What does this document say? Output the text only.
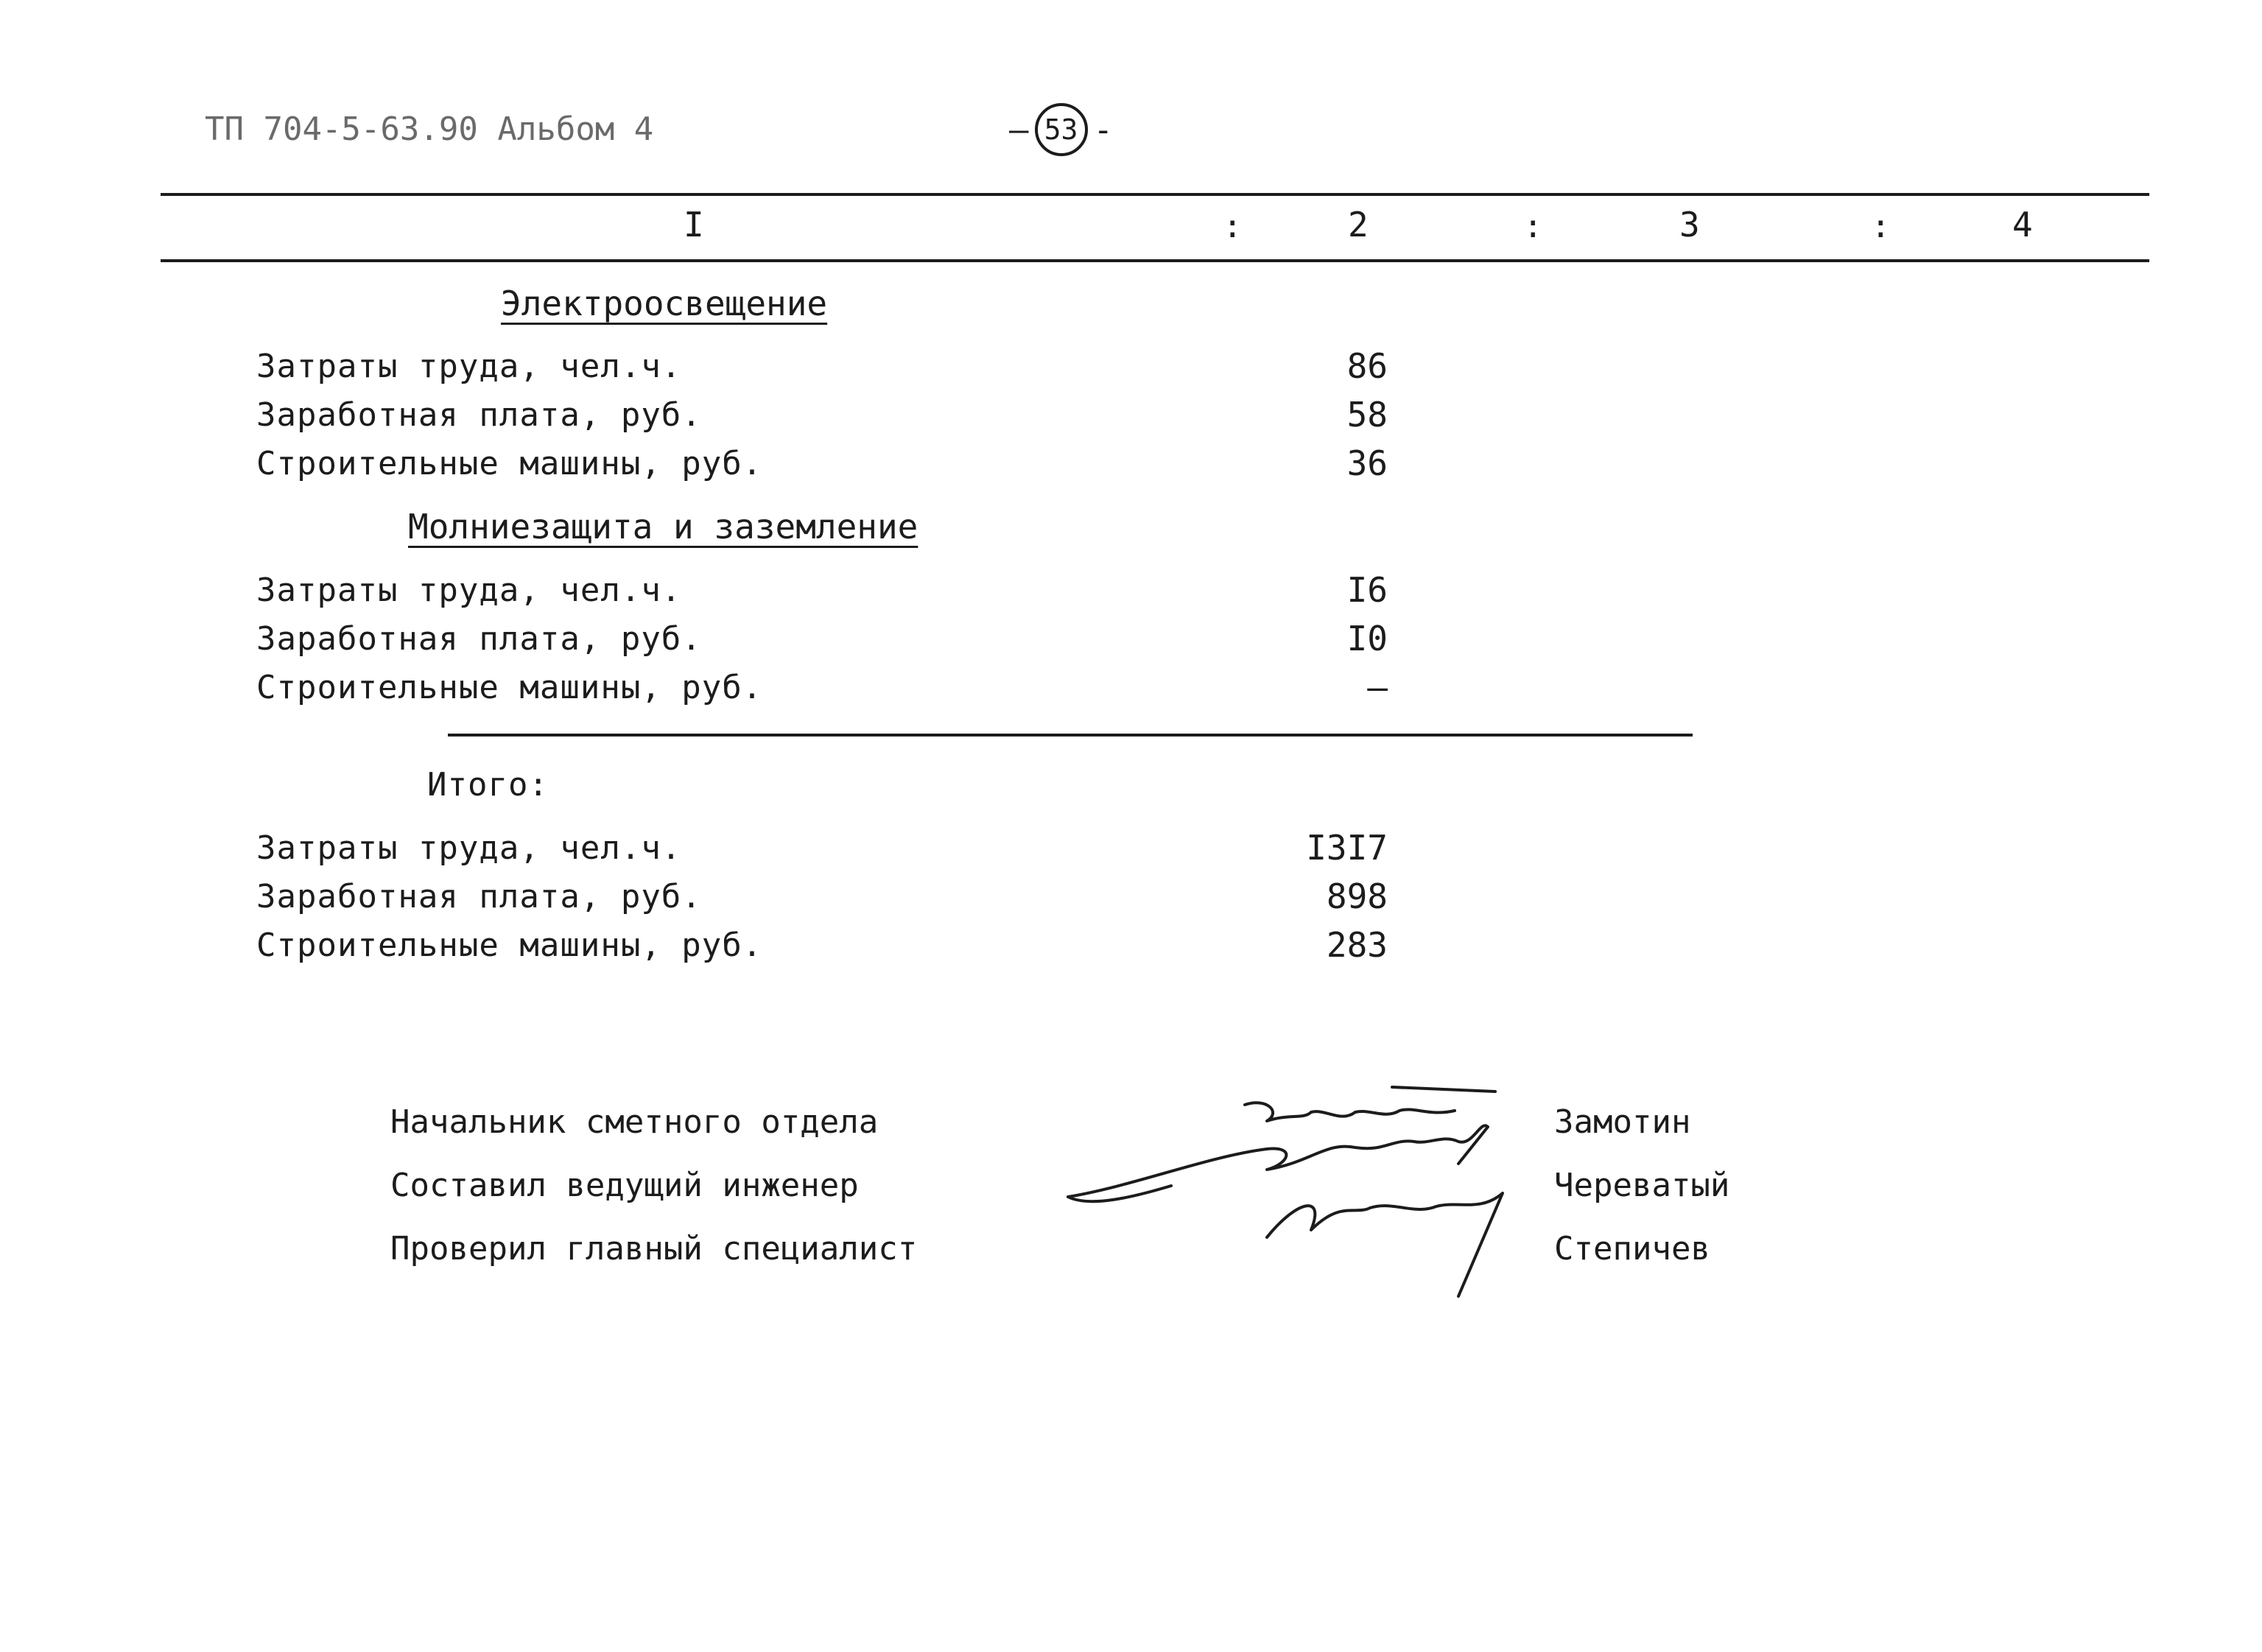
ТП 704-5-63.90 Альбом 4	– 53 -
I	:	2	:	3	:	4
Электроосвещение
Затраты труда, чел.ч.	86
Заработная плата, руб.	58
Строительные машины, руб.	36
Молниезащита и заземление
Затраты труда, чел.ч.	I6
Заработная плата, руб.	I0
Строительные машины, руб.	–
Итого:
Затраты труда, чел.ч.	I3I7
Заработная плата, руб.	898
Строительные машины, руб.	283
Начальник сметного отдела
Составил ведущий инженер
Проверил главный специалист
Замотин
Череватый
Степичев
